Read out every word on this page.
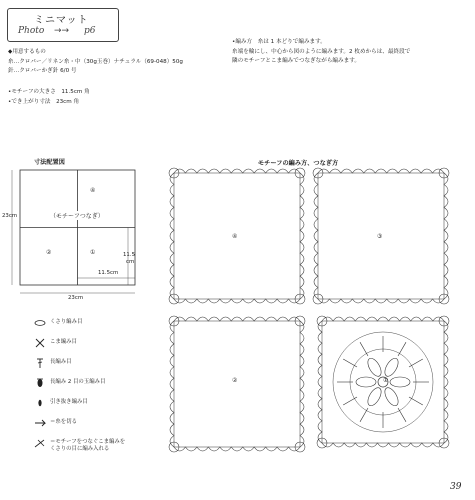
ミニマット
Photo →→ p6
◆用意するもの
糸…クロバー／リネン糸・中（30g玉巻）ナチュラル（69-048）50g
針…クロバーかぎ針 6/0 号
•モチーフの大きさ　11.5cm 角
•でき上がり寸法　23cm 角
•編み方　糸は 1 本どりで編みます。
糸端を輪にし、中心から図のように編みます。2 枚めからは、最終段で
隣のモチーフとこま編みでつなぎながら編みます。
寸法配置図
④
②	①
（モチーフつなぎ）
23cm
23cm
11.5cm
11.5
cm
モチーフの編み方、つなぎ方
④	③
②	①
くさり編み目
こま編み目
長編み目
長編み 2 目の玉編み目
引き抜き編み目
＝糸を切る
＝モチーフをつなぐこま編みを
くさりの目に編み入れる
39
